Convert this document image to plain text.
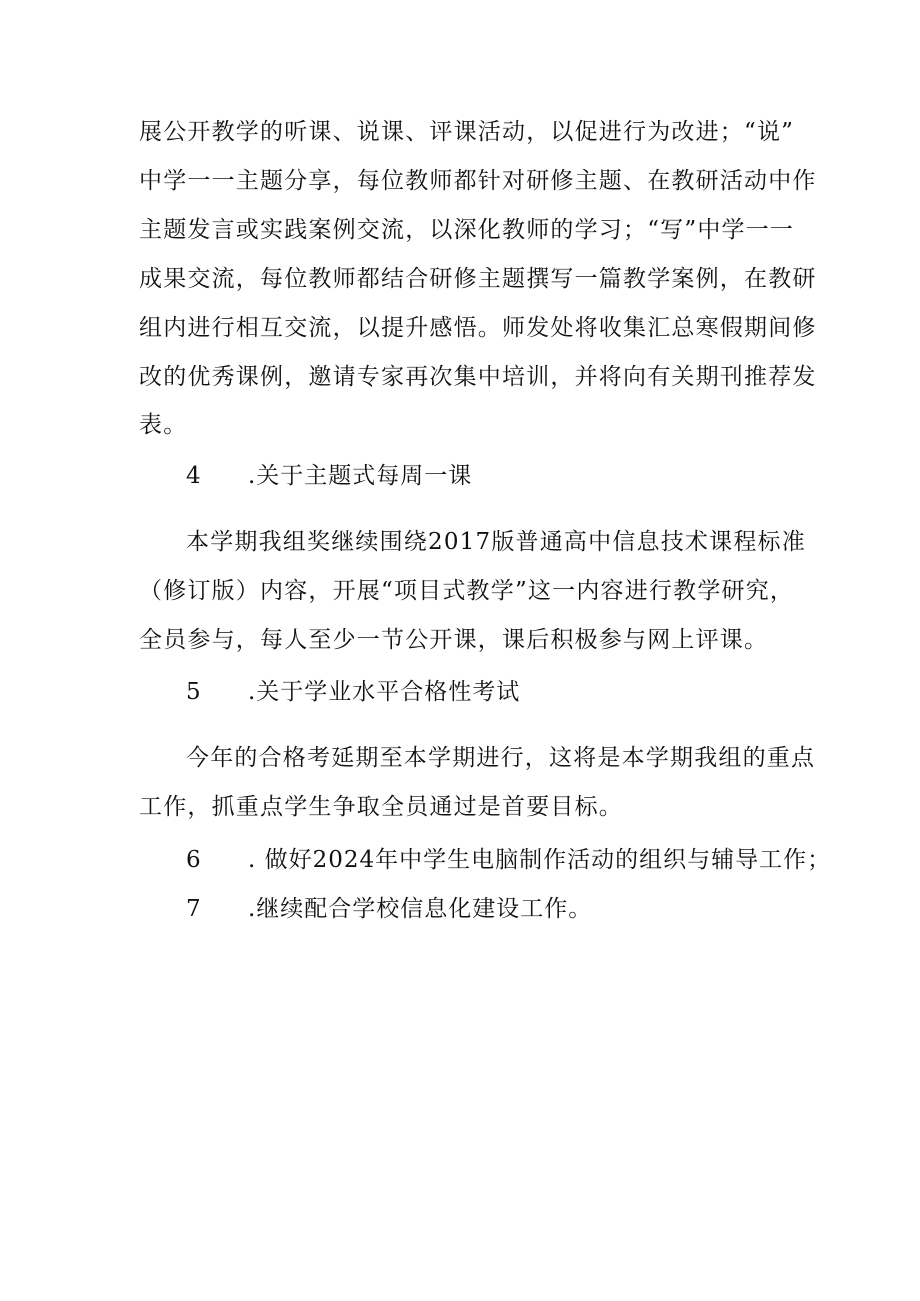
展公开教学的听课、说课、评课活动，以促进行为改进；“说”
中学一一主题分享，每位教师都针对研修主题、在教研活动中作
主题发言或实践案例交流，以深化教师的学习；“写”中学一一
成果交流，每位教师都结合研修主题撰写一篇教学案例，在教研
组内进行相互交流，以提升感悟。师发处将收集汇总寒假期间修
改的优秀课例，邀请专家再次集中培训，并将向有关期刊推荐发
表。
4 .关于主题式每周一课
本学期我组奖继续围绕2017版普通高中信息技术课程标准
（修订版）内容，开展“项目式教学”这一内容进行教学研究，
全员参与，每人至少一节公开课，课后积极参与网上评课。
5 .关于学业水平合格性考试
今年的合格考延期至本学期进行，这将是本学期我组的重点
工作，抓重点学生争取全员通过是首要目标。
6 . 做好2024年中学生电脑制作活动的组织与辅导工作；
7 .继续配合学校信息化建设工作。
